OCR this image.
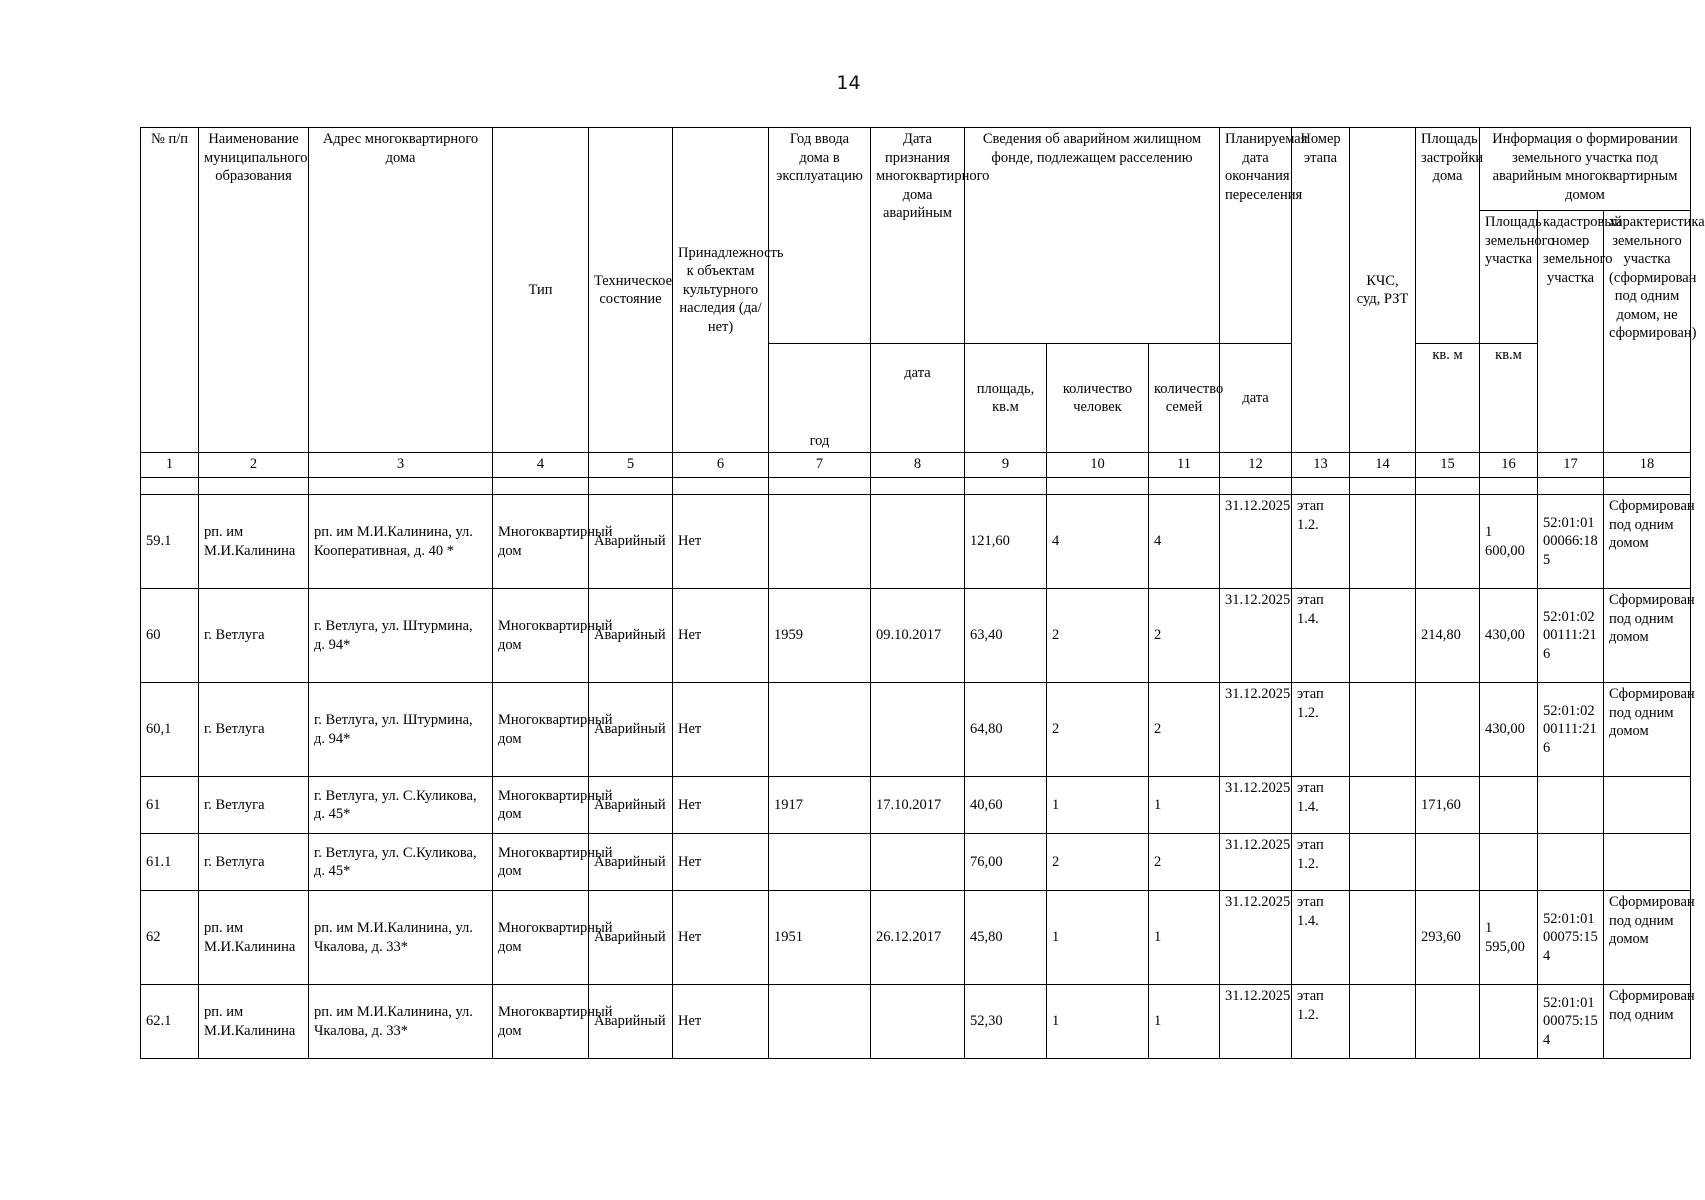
14
№ п/п	Наименование муниципального образования	Адрес многоквартирного дома	Тип	Техническое состояние	Принадлежность к объектам культурного наследия (да/нет)	Год ввода дома в эксплуатацию	Дата признания многоквартирного дома аварийным	Сведения об аварийном жилищном фонде, подлежащем расселению			Планируемая дата окончания переселения	Номер этапа	КЧС, суд, РЗТ	Площадь застройки дома	Информация о формировании земельного участка под аварийным многоквартирным домом		
															Площадь земельного участка	кадастровый номер земельного участка	характеристика земельного участка (сформирован под одним домом, не сформирован)
						год	дата	площадь, кв.м	количество человек	количество семей	дата			кв. м	кв.м		
1	2	3	4	5	6	7	8	9	10	11	12	13	14	15	16	17	18

59.1	рп. им М.И.Калинина	рп. им М.И.Калинина, ул. Кооперативная, д. 40 *	Многоквартирный дом	Аварийный	Нет			121,60	4	4	31.12.2025	этап 1.2.			1 600,00	52:01:0100066:185	Сформирован под одним домом
60	г. Ветлуга	г. Ветлуга, ул. Штурмина, д. 94*	Многоквартирный дом	Аварийный	Нет	1959	09.10.2017	63,40	2	2	31.12.2025	этап 1.4.		214,80	430,00	52:01:0200111:216	Сформирован под одним домом
60,1	г. Ветлуга	г. Ветлуга, ул. Штурмина, д. 94*	Многоквартирный дом	Аварийный	Нет			64,80	2	2	31.12.2025	этап 1.2.			430,00	52:01:0200111:216	Сформирован под одним домом
61	г. Ветлуга	г. Ветлуга, ул. С.Куликова, д. 45*	Многоквартирный дом	Аварийный	Нет	1917	17.10.2017	40,60	1	1	31.12.2025	этап 1.4.		171,60			
61.1	г. Ветлуга	г. Ветлуга, ул. С.Куликова, д. 45*	Многоквартирный дом	Аварийный	Нет			76,00	2	2	31.12.2025	этап 1.2.					
62	рп. им М.И.Калинина	рп. им М.И.Калинина, ул. Чкалова, д. 33*	Многоквартирный дом	Аварийный	Нет	1951	26.12.2017	45,80	1	1	31.12.2025	этап 1.4.		293,60	1 595,00	52:01:0100075:154	Сформирован под одним домом
62.1	рп. им М.И.Калинина	рп. им М.И.Калинина, ул. Чкалова, д. 33*	Многоквартирный дом	Аварийный	Нет			52,30	1	1	31.12.2025	этап 1.2.				52:01:0100075:154	Сформирован под одним
